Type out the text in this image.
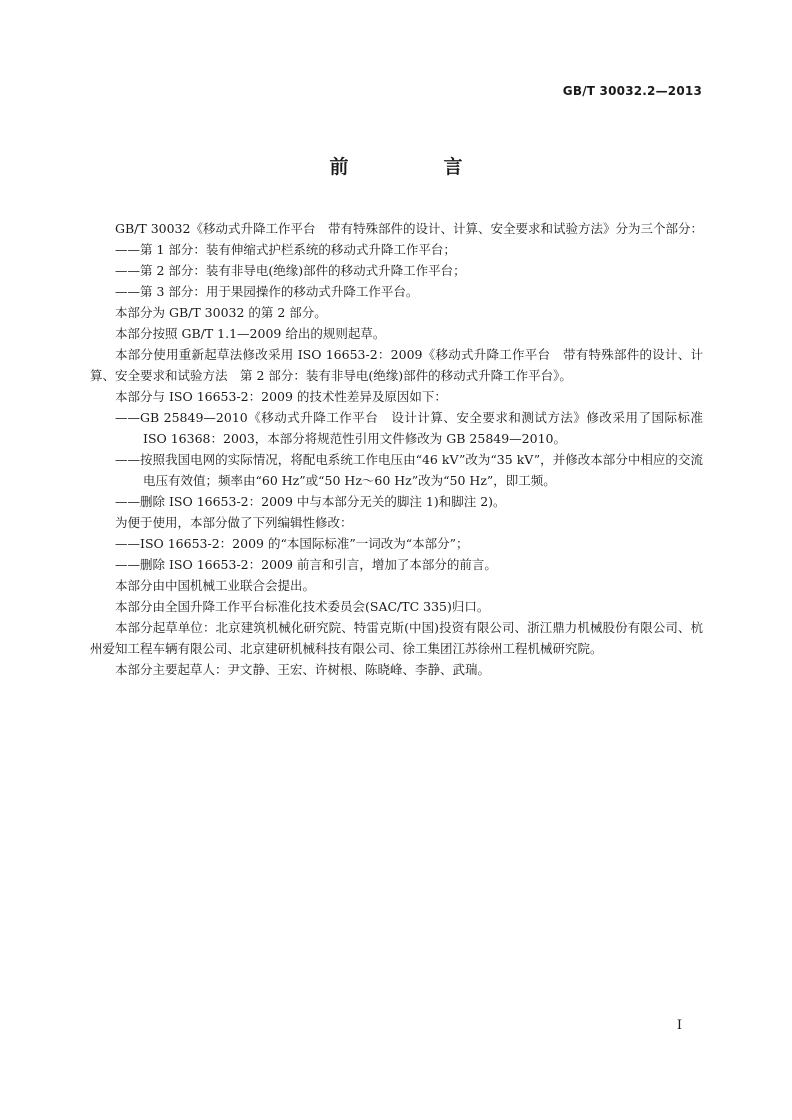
GB/T 30032.2—2013
前　言

GB/T 30032《移动式升降工作平台　带有特殊部件的设计、计算、安全要求和试验方法》分为三个部分：

——第 1 部分：装有伸缩式护栏系统的移动式升降工作平台；

——第 2 部分：装有非导电(绝缘)部件的移动式升降工作平台；

——第 3 部分：用于果园操作的移动式升降工作平台。

本部分为 GB/T 30032 的第 2 部分。

本部分按照 GB/T 1.1—2009 给出的规则起草。

本部分使用重新起草法修改采用 ISO 16653-2：2009《移动式升降工作平台　带有特殊部件的设计、计算、安全要求和试验方法　第 2 部分：装有非导电(绝缘)部件的移动式升降工作平台》。

本部分与 ISO 16653-2：2009 的技术性差异及原因如下：

——GB 25849—2010《移动式升降工作平台　设计计算、安全要求和测试方法》修改采用了国际标准 ISO 16368：2003，本部分将规范性引用文件修改为 GB 25849—2010。

——按照我国电网的实际情况，将配电系统工作电压由“46 kV”改为“35 kV”，并修改本部分中相应的交流电压有效值；频率由“60 Hz”或“50 Hz～60 Hz”改为“50 Hz”，即工频。

——删除 ISO 16653-2：2009 中与本部分无关的脚注 1)和脚注 2)。

为便于使用，本部分做了下列编辑性修改：

——ISO 16653-2：2009 的“本国际标准”一词改为“本部分”；

——删除 ISO 16653-2：2009 前言和引言，增加了本部分的前言。

本部分由中国机械工业联合会提出。

本部分由全国升降工作平台标准化技术委员会(SAC/TC 335)归口。

本部分起草单位：北京建筑机械化研究院、特雷克斯(中国)投资有限公司、浙江鼎力机械股份有限公司、杭州爱知工程车辆有限公司、北京建研机械科技有限公司、徐工集团江苏徐州工程机械研究院。

本部分主要起草人：尹文静、王宏、许树根、陈晓峰、李静、武瑞。

I
